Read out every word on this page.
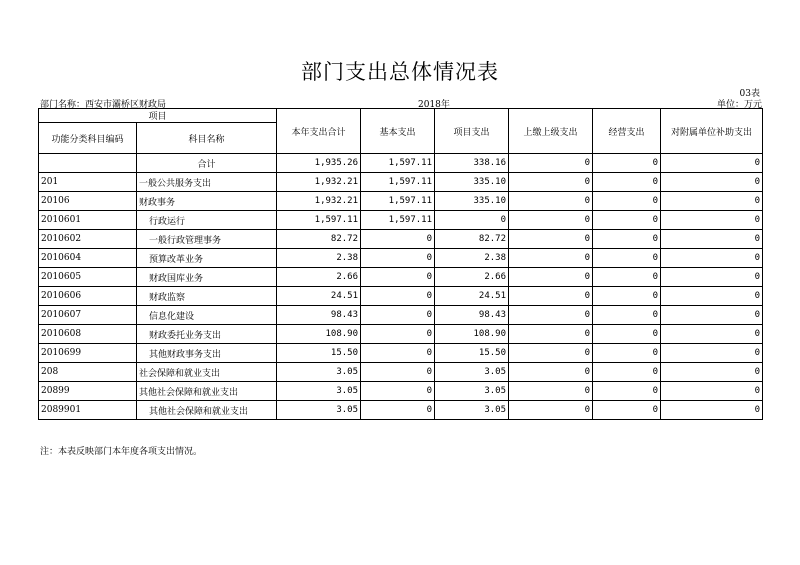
部门支出总体情况表
03表
部门名称：西安市灞桥区财政局	2018年	单位：万元
项目		本年支出合计	基本支出	项目支出	上缴上级支出	经营支出	对附属单位补助支出
功能分类科目编码	科目名称						
	合计	1,935.26	1,597.11	338.16	0	0	0
201	一般公共服务支出	1,932.21	1,597.11	335.10	0	0	0
20106	财政事务	1,932.21	1,597.11	335.10	0	0	0
2010601	行政运行	1,597.11	1,597.11	0	0	0	0
2010602	一般行政管理事务	82.72	0	82.72	0	0	0
2010604	预算改革业务	2.38	0	2.38	0	0	0
2010605	财政国库业务	2.66	0	2.66	0	0	0
2010606	财政监察	24.51	0	24.51	0	0	0
2010607	信息化建设	98.43	0	98.43	0	0	0
2010608	财政委托业务支出	108.90	0	108.90	0	0	0
2010699	其他财政事务支出	15.50	0	15.50	0	0	0
208	社会保障和就业支出	3.05	0	3.05	0	0	0
20899	其他社会保障和就业支出	3.05	0	3.05	0	0	0
2089901	其他社会保障和就业支出	3.05	0	3.05	0	0	0
注：本表反映部门本年度各项支出情况。
